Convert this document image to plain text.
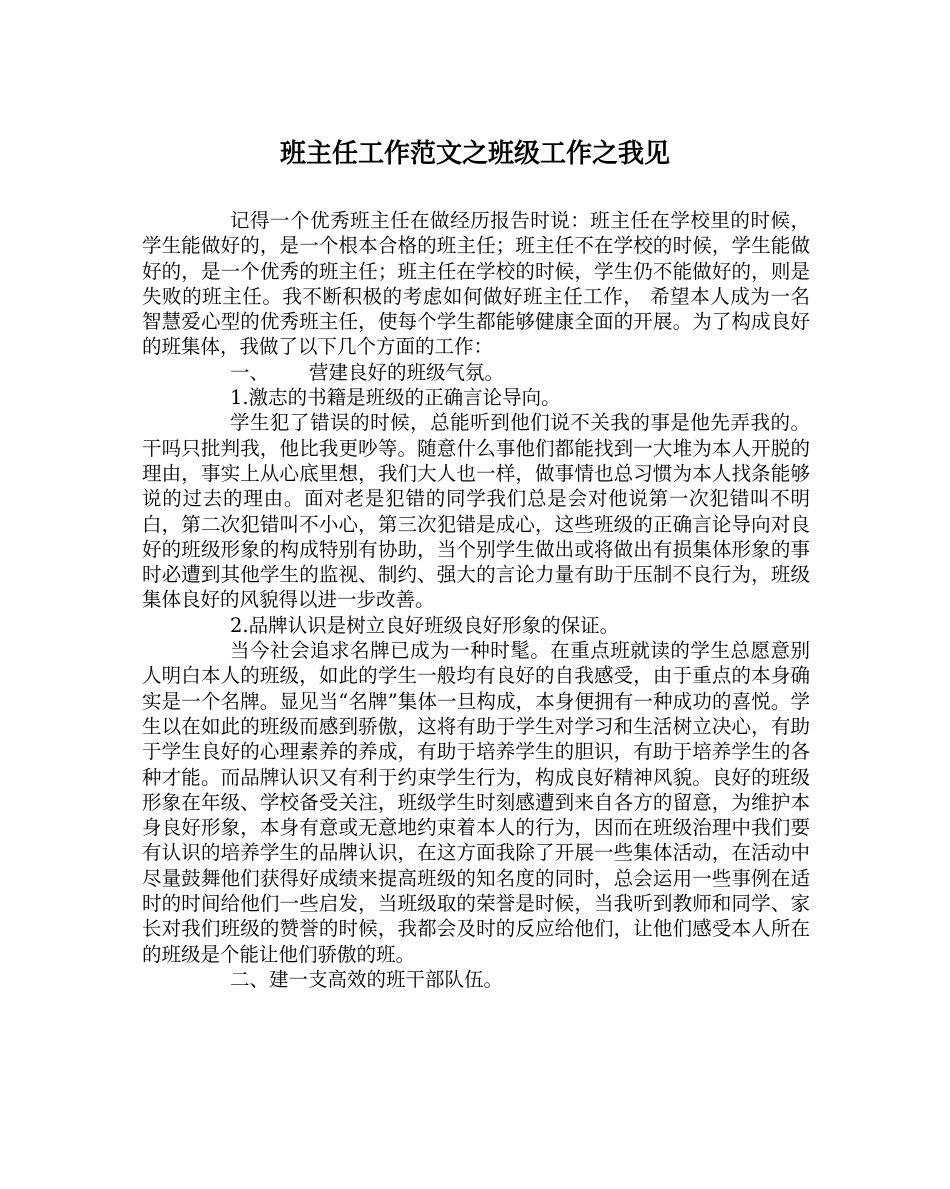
班主任工作范文之班级工作之我见

记得一个优秀班主任在做经历报告时说：班主任在学校里的时候，学生能做好的，是一个根本合格的班主任；班主任不在学校的时候，学生能做好的，是一个优秀的班主任；班主任在学校的时候，学生仍不能做好的，则是失败的班主任。我不断积极的考虑如何做好班主任工作， 希望本人成为一名智慧爱心型的优秀班主任，使每个学生都能够健康全面的开展。为了构成良好的班集体，我做了以下几个方面的工作：

一、 营建良好的班级气氛。

1.激志的书籍是班级的正确言论导向。

学生犯了错误的时候，总能听到他们说不关我的事是他先弄我的。干吗只批判我，他比我更吵等。随意什么事他们都能找到一大堆为本人开脱的理由，事实上从心底里想，我们大人也一样，做事情也总习惯为本人找条能够说的过去的理由。面对老是犯错的同学我们总是会对他说第一次犯错叫不明白，第二次犯错叫不小心，第三次犯错是成心，这些班级的正确言论导向对良好的班级形象的构成特别有协助，当个别学生做出或将做出有损集体形象的事时必遭到其他学生的监视、制约、强大的言论力量有助于压制不良行为，班级集体良好的风貌得以进一步改善。

2.品牌认识是树立良好班级良好形象的保证。

当今社会追求名牌已成为一种时髦。在重点班就读的学生总愿意别人明白本人的班级，如此的学生一般均有良好的自我感受，由于重点的本身确实是一个名牌。显见当“名牌”集体一旦构成，本身便拥有一种成功的喜悦。学生以在如此的班级而感到骄傲，这将有助于学生对学习和生活树立决心，有助于学生良好的心理素养的养成，有助于培养学生的胆识，有助于培养学生的各种才能。而品牌认识又有利于约束学生行为，构成良好精神风貌。良好的班级形象在年级、学校备受关注，班级学生时刻感遭到来自各方的留意，为维护本身良好形象，本身有意或无意地约束着本人的行为，因而在班级治理中我们要有认识的培养学生的品牌认识，在这方面我除了开展一些集体活动，在活动中尽量鼓舞他们获得好成绩来提高班级的知名度的同时，总会运用一些事例在适时的时间给他们一些启发，当班级取的荣誉是时候，当我听到教师和同学、家长对我们班级的赞誉的时候，我都会及时的反应给他们，让他们感受本人所在的班级是个能让他们骄傲的班。

二、建一支高效的班干部队伍。
